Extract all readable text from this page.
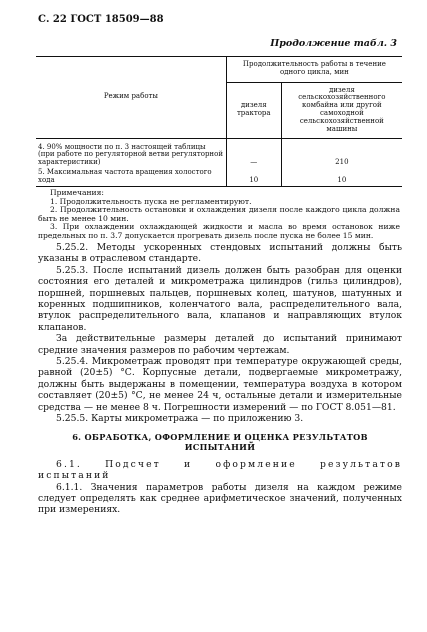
С. 22 ГОСТ 18509—88
Продолжение табл. 3
Режим работы	Продолжительность работы в течение одного цикла, мин	
	дизеля трактора	дизеля сельскохозяйственного комбайна или другой самоходной сельскохозяйственной машины
4. 90% мощности по п. 3 настоящей таблицы (при работе по регуляторной ветви регуляторной характеристики)	—	210
5. Максимальная частота вращения холостого хода	10	10

Примечания:

1. Продолжительность пуска не регламентируют.

2. Продолжительность остановки и охлаждения дизеля после каждого цикла должна быть не менее 10 мин.

3. При охлаждении охлаждающей жидкости и масла во время остановок ниже предельных по п. 3.7 допускается прогревать дизель после пуска не более 15 мин.

5.25.2. Методы ускоренных стендовых испытаний должны быть указаны в отраслевом стандарте.

5.25.3. После испытаний дизель должен быть разобран для оценки состояния его деталей и микрометража цилиндров (гильз цилиндров), поршней, поршневых пальцев, поршневых колец, шатунов, шатунных и коренных подшипников, коленчатого вала, распределительного вала, втулок распределительного вала, клапанов и направляющих втулок клапанов.

За действительные размеры деталей до испытаний принимают средние значения размеров по рабочим чертежам.

5.25.4. Микрометраж проводят при температуре окружающей среды, равной (20±5) °С. Корпусные детали, подвергаемые микрометражу, должны быть выдержаны в помещении, температура воздуха в котором составляет (20±5) °С, не менее 24 ч, остальные детали и измерительные средства — не менее 8 ч. Погрешности измерений — по ГОСТ 8.051—81.

5.25.5. Карты микрометража — по приложению 3.

6. ОБРАБОТКА, ОФОРМЛЕНИЕ И ОЦЕНКА РЕЗУЛЬТАТОВ ИСПЫТАНИЙ

6.1. Подсчет и оформление результатов испытаний

6.1.1. Значения параметров работы дизеля на каждом режиме следует определять как среднее арифметическое значений, полученных при измерениях.
